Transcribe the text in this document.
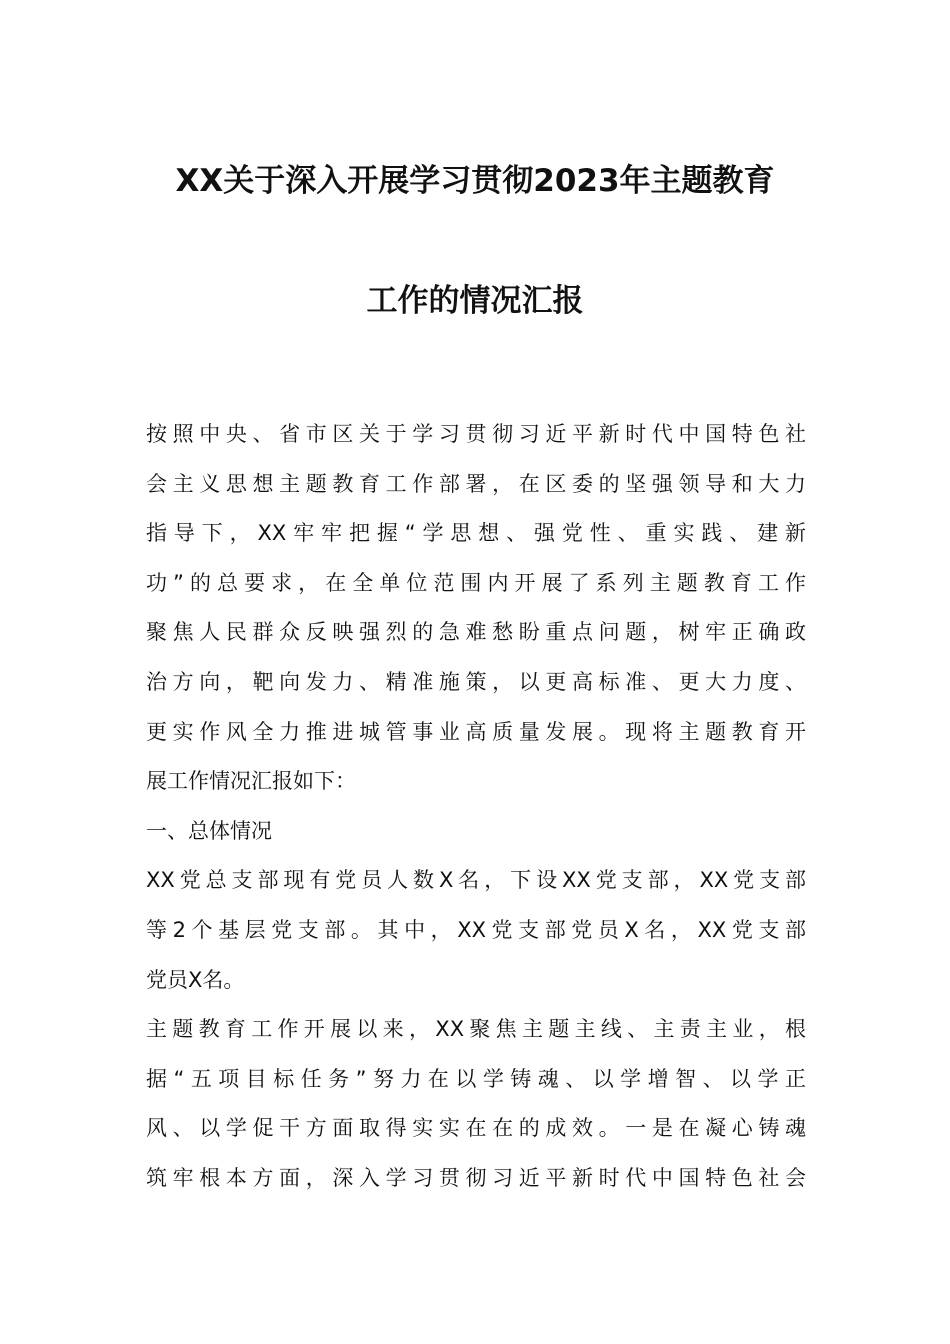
XX关于深入开展学习贯彻2023年主题教育
工作的情况汇报
按照中央、省市区关于学习贯彻习近平新时代中国特色社
会主义思想主题教育工作部署，在区委的坚强领导和大力
指导下，XX牢牢把握“学思想、强党性、重实践、建新
功”的总要求，在全单位范围内开展了系列主题教育工作
聚焦人民群众反映强烈的急难愁盼重点问题，树牢正确政
治方向，靶向发力、精准施策，以更高标准、更大力度、
更实作风全力推进城管事业高质量发展。现将主题教育开
展工作情况汇报如下：
一、总体情况
XX党总支部现有党员人数X名，下设XX党支部，XX党支部
等2个基层党支部。其中，XX党支部党员X名，XX党支部
党员X名。
主题教育工作开展以来，XX聚焦主题主线、主责主业，根
据“五项目标任务”努力在以学铸魂、以学增智、以学正
风、以学促干方面取得实实在在的成效。一是在凝心铸魂
筑牢根本方面，深入学习贯彻习近平新时代中国特色社会
